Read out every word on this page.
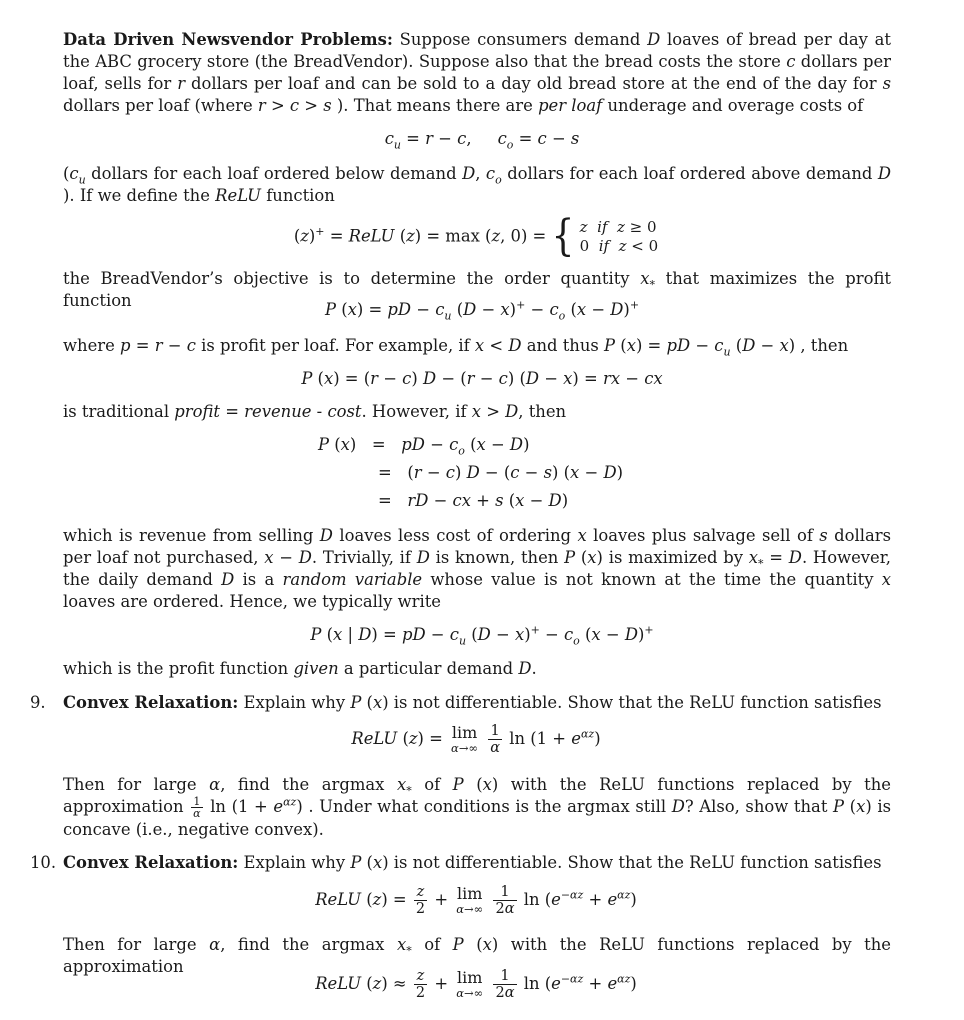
Data Driven Newsvendor Problems: Suppose consumers demand D loaves of bread per day at the ABC grocery store (the BreadVendor). Suppose also that the bread costs the store c dollars per loaf, sells for r dollars per loaf and can be sold to a day old bread store at the end of the day for s dollars per loaf (where r > c > s ). That means there are per loaf underage and overage costs of
$c_u = r - c$,     $c_o = c - s$
($c_u$ dollars for each loaf ordered below demand D, $c_o$ dollars for each loaf ordered above demand D ). If we define the ReLU function
(z)+ = ReLU (z) = max (z, 0) = { z if z ≥ 0
0  if z < 0
the BreadVendor’s objective is to determine the order quantity $x_*$ that maximizes the profit function	P (x) = pD − $c_u$ $(D - x)^+ - c_o$ (x − D)+
where p = r − c is profit per loaf. For example, if x < D and thus P (x) = pD − $c_u$ (D − x) , then
P (x) = (r − c) D − (r − c) (D − x) = rx − cx
is traditional profit = revenue - cost. However, if x > D, then
P (x)   =   pD − $c_o$ (x − D)
=   (r − c) D − (c − s) (x − D)
=   rD − cx + s (x − D)
which is revenue from selling D loaves less cost of ordering x loaves plus salvage sell of s dollars per loaf not purchased, x − D. Trivially, if D is known, then P (x) is maximized by $x_* = D$. However, the daily demand D is a random variable whose value is not known at the time the quantity x loaves are ordered. Hence, we typically write
P (x | D) = pD − $c_u$ $(D - x)^+ - c_o$ (x − D)+
which is the profit function given a particular demand D.
9. Convex Relaxation: Explain why P (x) is not differentiable. Show that the ReLU function satisfies
ReLU (z) = lim
α→∞
$\frac{1}{\alpha}$ $\ln (1 + e^{\alpha z})$
Then for large α, find the argmax $x_*$ of P (x) with the ReLU functions replaced by the approximation $\frac{1}{\alpha}$ $\ln (1 + e^{\alpha z})$ . Under what conditions is the argmax still D? Also, show that P (x) is concave (i.e., negative convex).
10. Convex Relaxation: Explain why P (x) is not differentiable. Show that the ReLU function satisfies
ReLU $(z) = \frac{z}{2} + \lim$
α→∞
$\frac{1}{2\alpha}$ $\ln (e^{-\alpha z} + e^{\alpha z})$
Then for large α, find the argmax $x_*$ of P (x) with the ReLU functions replaced by the approximation
ReLU $(z) \approx \frac{z}{2} + \lim$
α→∞
$\frac{1}{2\alpha}$ $\ln (e^{-\alpha z} + e^{\alpha z})$
